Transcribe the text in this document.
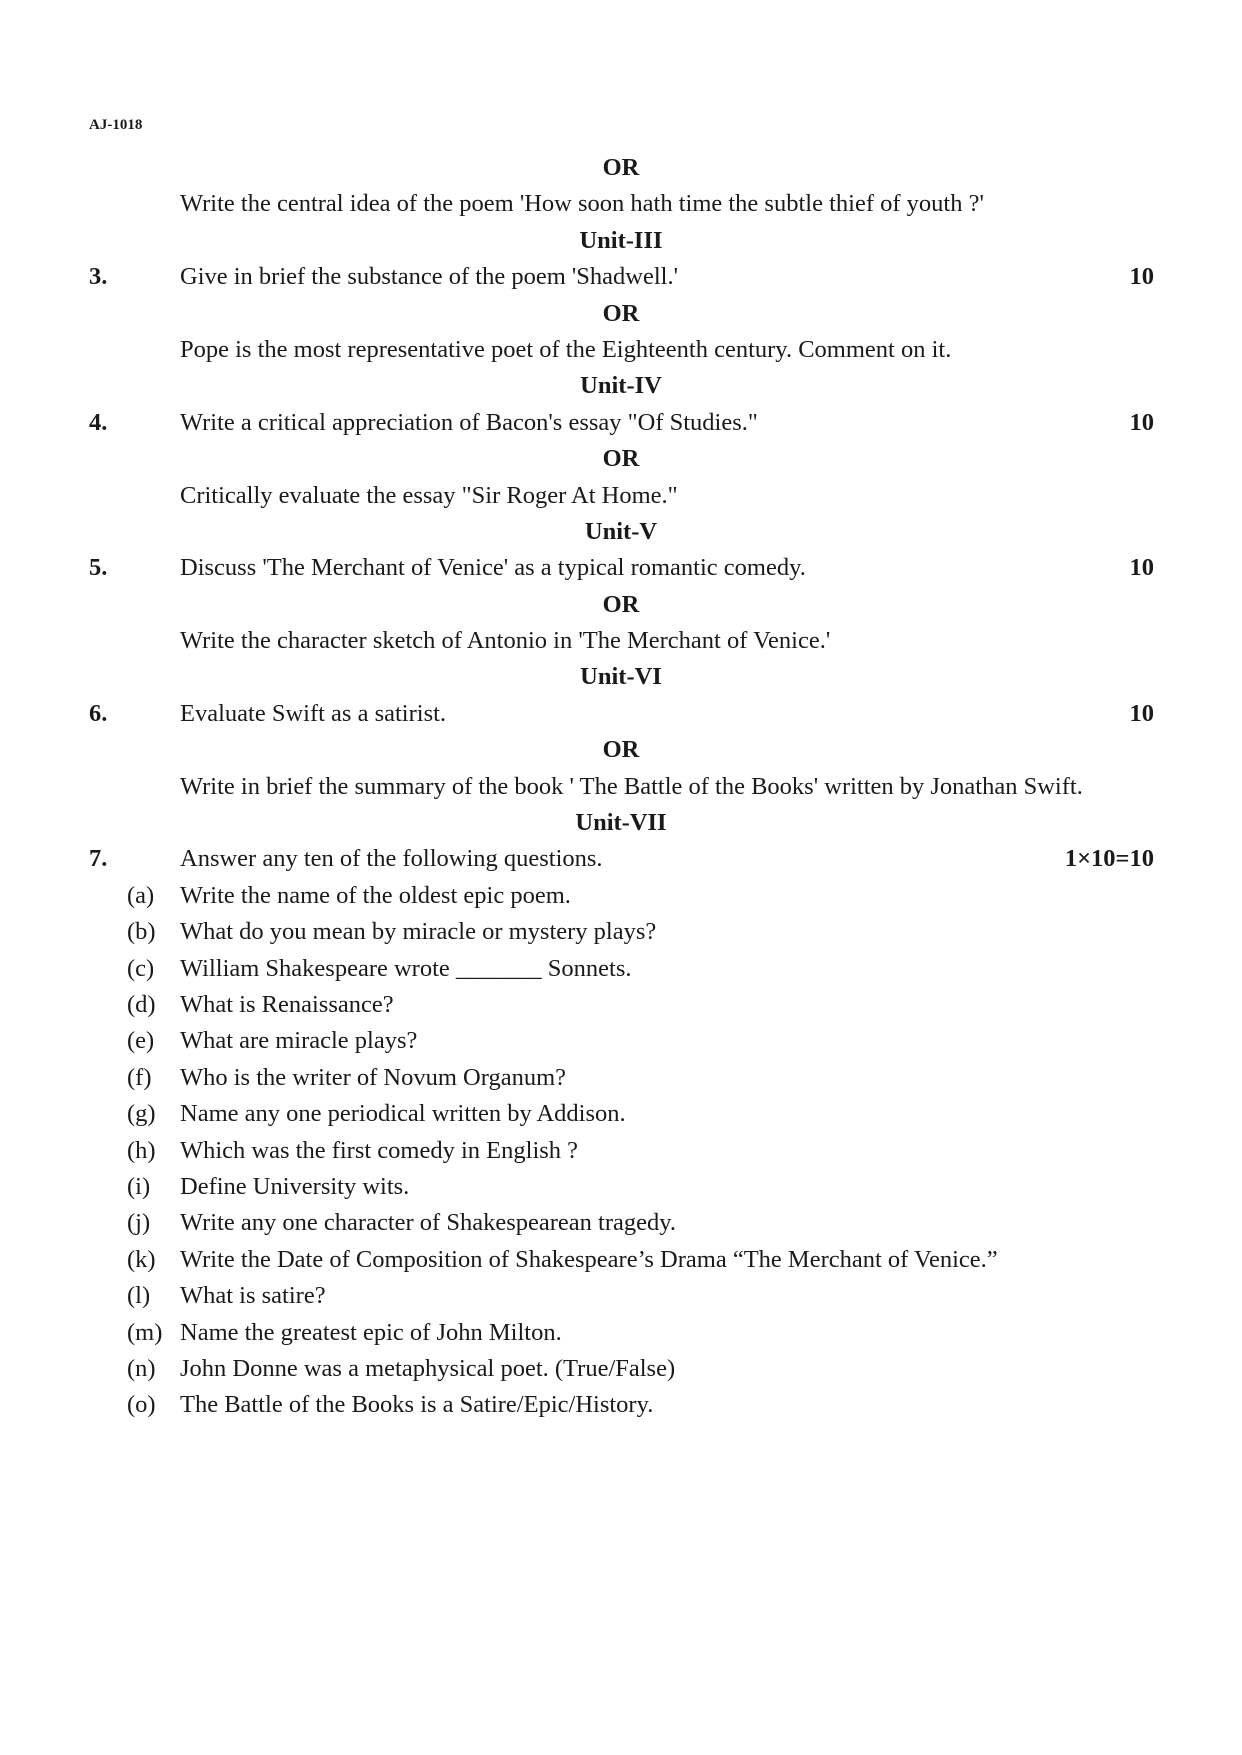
AJ-1018
OR
Write the central idea of the poem 'How soon hath time the subtle thief of youth ?'
Unit-III
3.	Give in brief the substance of the poem 'Shadwell.'	10
OR
Pope is the most representative poet of the Eighteenth century. Comment on it.
Unit-IV
4.	Write a critical appreciation of Bacon's essay "Of Studies."	10
OR
Critically evaluate the essay "Sir Roger At Home."
Unit-V
5.	Discuss 'The Merchant of Venice' as a typical romantic comedy.	10
OR
Write the character sketch of Antonio in 'The Merchant of Venice.'
Unit-VI
6.	Evaluate Swift as a satirist.	10
OR
Write in brief the summary of the book ' The Battle of the Books' written by Jonathan Swift.
Unit-VII
7.	Answer any ten of the following questions.	1×10=10
(a) Write the name of the oldest epic poem.
(b) What do you mean by miracle or mystery plays?
(c) William Shakespeare wrote _______ Sonnets.
(d) What is Renaissance?
(e) What are miracle plays?
(f) Who is the writer of Novum Organum?
(g) Name any one periodical written by Addison.
(h) Which was the first comedy in English ?
(i) Define University wits.
(j) Write any one character of Shakespearean tragedy.
(k) Write the Date of Composition of Shakespeare’s Drama “The Merchant of Venice.”
(l) What is satire?
(m) Name the greatest epic of John Milton.
(n) John Donne was a metaphysical poet. (True/False)
(o) The Battle of the Books is a Satire/Epic/History.
